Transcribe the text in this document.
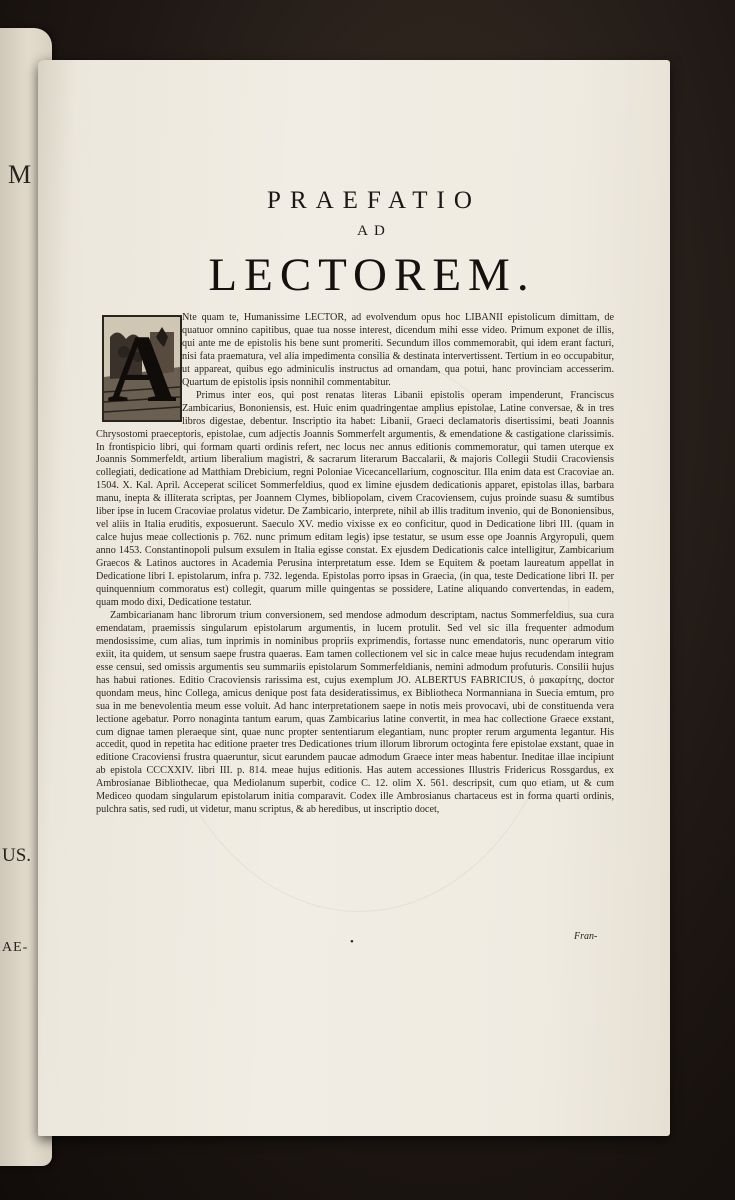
M
US.
AE-
PRAEFATIO
AD
LECTOREM.
A Nte quam te, Humanissime LECTOR, ad evolvendum opus hoc LIBANII epistolicum dimittam, de quatuor omnino capitibus, quae tua nosse interest, dicendum mihi esse video. Primum exponet de illis, qui ante me de epistolis his bene sunt promeriti. Secundum illos commemorabit, qui idem erant facturi, nisi fata praematura, vel alia impedimenta consilia & destinata intervertissent. Tertium in eo occupabitur, ut appareat, quibus ego adminiculis instructus ad ornandam, qua potui, hanc provinciam accesserim. Quartum de epistolis ipsis nonnihil commentabitur.

Primus inter eos, qui post renatas literas Libanii epistolis operam impenderunt, Franciscus Zambicarius, Bononiensis, est. Huic enim quadringentae amplius epistolae, Latine conversae, & in tres libros digestae, debentur. Inscriptio ita habet: Libanii, Graeci declamatoris disertissimi, beati Joannis Chrysostomi praeceptoris, epistolae, cum adjectis Joannis Sommerfelt argumentis, & emendatione & castigatione clarissimis. In frontispicio libri, qui formam quarti ordinis refert, nec locus nec annus editionis commemoratur, qui tamen uterque ex Joannis Sommerfeldt, artium liberalium magistri, & sacrarum literarum Baccalarii, & majoris Collegii Studii Cracoviensis collegiati, dedicatione ad Matthiam Drebicium, regni Poloniae Vicecancellarium, cognoscitur. Illa enim data est Cracoviae an. 1504. X. Kal. April. Acceperat scilicet Sommerfeldius, quod ex limine ejusdem dedicationis apparet, epistolas illas, barbara manu, inepta & illiterata scriptas, per Joannem Clymes, bibliopolam, civem Cracoviensem, cujus proinde suasu & sumtibus liber ipse in lucem Cracoviae prolatus videtur. De Zambicario, interprete, nihil ab illis traditum invenio, qui de Bononiensibus, vel aliis in Italia eruditis, exposuerunt. Saeculo XV. medio vixisse ex eo conficitur, quod in Dedicatione libri III. (quam in calce hujus meae collectionis p. 762. nunc primum editam legis) ipse testatur, se usum esse ope Joannis Argyropuli, quem anno 1453. Constantinopoli pulsum exsulem in Italia egisse constat. Ex ejusdem Dedicationis calce intelligitur, Zambicarium Graecos & Latinos auctores in Academia Perusina interpretatum esse. Idem se Equitem & poetam laureatum appellat in Dedicatione libri I. epistolarum, infra p. 732. legenda. Epistolas porro ipsas in Graecia, (in qua, teste Dedicatione libri II. per quinquennium commoratus est) collegit, quarum mille quingentas se possidere, Latine aliquando convertendas, in eadem, quam modo dixi, Dedicatione testatur.

Zambicarianam hanc librorum trium conversionem, sed mendose admodum descriptam, nactus Sommerfeldius, sua cura emendatam, praemissis singularum epistolarum argumentis, in lucem protulit. Sed vel sic illa frequenter admodum mendosissime, cum alias, tum inprimis in nominibus propriis exprimendis, fortasse nunc emendatoris, nunc operarum vitio exiit, ita quidem, ut sensum saepe frustra quaeras. Eam tamen collectionem vel sic in calce meae hujus recudendam integram esse censui, sed omissis argumentis seu summariis epistolarum Sommerfeldianis, nemini admodum profuturis. Consilii hujus has habui rationes. Editio Cracoviensis rarissima est, cujus exemplum JO. ALBERTUS FABRICIUS, ὁ μακαρίτης, doctor quondam meus, hinc Collega, amicus denique post fata desideratissimus, ex Bibliotheca Normanniana in Suecia emtum, pro sua in me benevolentia meum esse voluit. Ad hanc interpretationem saepe in notis meis provocavi, ubi de constituenda vera lectione agebatur. Porro nonaginta tantum earum, quas Zambicarius latine convertit, in mea hac collectione Graece exstant, cum dignae tamen pleraeque sint, quae nunc propter sententiarum elegantiam, nunc propter rerum argumenta legantur. His accedit, quod in repetita hac editione praeter tres Dedicationes trium illorum librorum octoginta fere epistolae exstant, quae in editione Cracoviensi frustra quaeruntur, sicut earundem paucae admodum Graece inter meas habentur. Ineditae illae incipiunt ab epistola CCCXXIV. libri III. p. 814. meae hujus editionis. Has autem accessiones Illustris Fridericus Rossgardus, ex Ambrosianae Bibliothecae, qua Mediolanum superbit, codice C. 12. olim X. 561. descripsit, cum quo etiam, ut & cum Mediceo quodam singularum epistolarum initia comparavit. Codex ille Ambrosianus chartaceus est in forma quarti ordinis, pulchra satis, sed rudi, ut videtur, manu scriptus, & ab heredibus, ut inscriptio docet,

•	Fran-
